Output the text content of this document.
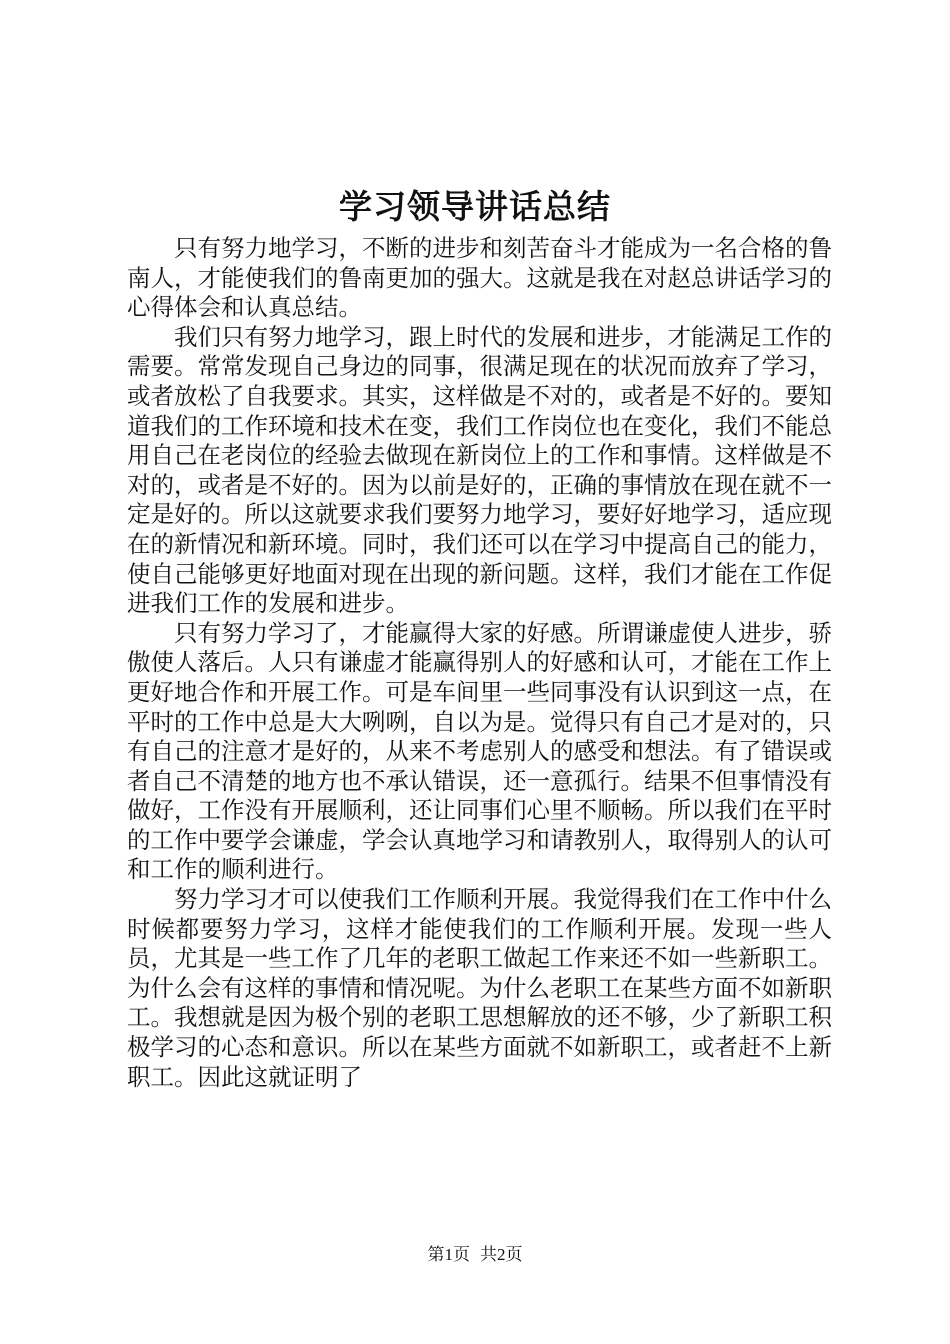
学习领导讲话总结

只有努力地学习，不断的进步和刻苦奋斗才能成为一名合格的鲁南人，才能使我们的鲁南更加的强大。这就是我在对赵总讲话学习的心得体会和认真总结。

我们只有努力地学习，跟上时代的发展和进步，才能满足工作的需要。常常发现自己身边的同事，很满足现在的状况而放弃了学习，或者放松了自我要求。其实，这样做是不对的，或者是不好的。要知道我们的工作环境和技术在变，我们工作岗位也在变化，我们不能总用自己在老岗位的经验去做现在新岗位上的工作和事情。这样做是不对的，或者是不好的。因为以前是好的，正确的事情放在现在就不一定是好的。所以这就要求我们要努力地学习，要好好地学习，适应现在的新情况和新环境。同时，我们还可以在学习中提高自己的能力，使自己能够更好地面对现在出现的新问题。这样，我们才能在工作促进我们工作的发展和进步。

只有努力学习了，才能赢得大家的好感。所谓谦虚使人进步，骄傲使人落后。人只有谦虚才能赢得别人的好感和认可，才能在工作上更好地合作和开展工作。可是车间里一些同事没有认识到这一点，在平时的工作中总是大大咧咧，自以为是。觉得只有自己才是对的，只有自己的注意才是好的，从来不考虑别人的感受和想法。有了错误或者自己不清楚的地方也不承认错误，还一意孤行。结果不但事情没有做好，工作没有开展顺利，还让同事们心里不顺畅。所以我们在平时的工作中要学会谦虚，学会认真地学习和请教别人，取得别人的认可和工作的顺利进行。

努力学习才可以使我们工作顺利开展。我觉得我们在工作中什么时候都要努力学习，这样才能使我们的工作顺利开展。发现一些人员，尤其是一些工作了几年的老职工做起工作来还不如一些新职工。为什么会有这样的事情和情况呢。为什么老职工在某些方面不如新职工。我想就是因为极个别的老职工思想解放的还不够，少了新职工积极学习的心态和意识。所以在某些方面就不如新职工，或者赶不上新职工。因此这就证明了

第1页 共2页
